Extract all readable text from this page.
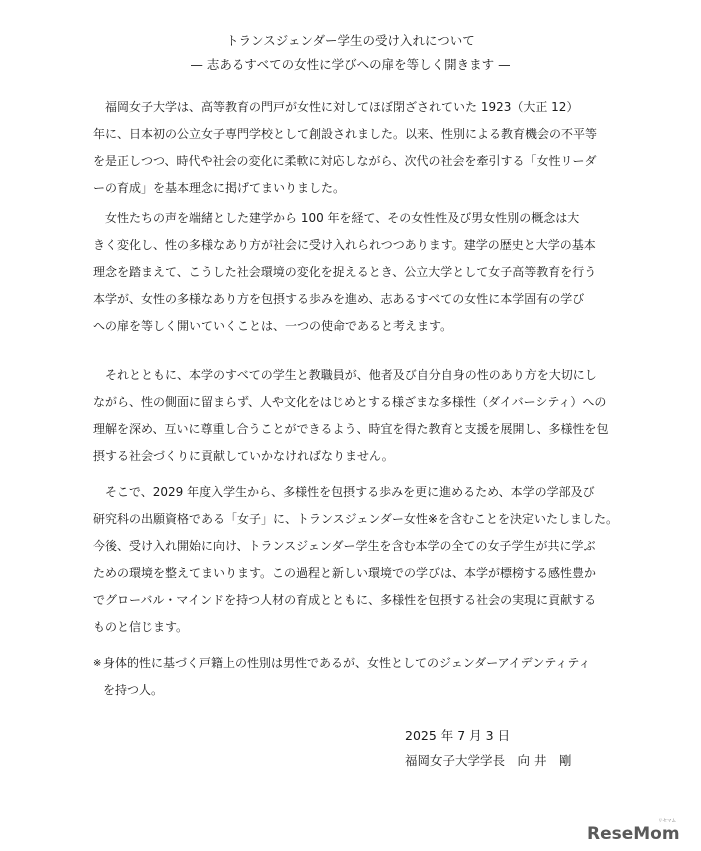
トランスジェンダー学生の受け入れについて
— 志あるすべての女性に学びへの扉を等しく開きます —
福岡女子大学は、高等教育の門戸が女性に対してほぼ閉ざされていた 1923（大正 12）
年に、日本初の公立女子専門学校として創設されました。以来、性別による教育機会の不平等
を是正しつつ、時代や社会の変化に柔軟に対応しながら、次代の社会を牽引する「女性リーダ
ーの育成」を基本理念に掲げてまいりました。
女性たちの声を端緒とした建学から 100 年を経て、その女性性及び男女性別の概念は大
きく変化し、性の多様なあり方が社会に受け入れられつつあります。建学の歴史と大学の基本
理念を踏まえて、こうした社会環境の変化を捉えるとき、公立大学として女子高等教育を行う
本学が、女性の多様なあり方を包摂する歩みを進め、志あるすべての女性に本学固有の学び
への扉を等しく開いていくことは、一つの使命であると考えます。
それとともに、本学のすべての学生と教職員が、他者及び自分自身の性のあり方を大切にし
ながら、性の側面に留まらず、人や文化をはじめとする様ざまな多様性（ダイバーシティ）への
理解を深め、互いに尊重し合うことができるよう、時宜を得た教育と支援を展開し、多様性を包
摂する社会づくりに貢献していかなければなりません。
そこで、2029 年度入学生から、多様性を包摂する歩みを更に進めるため、本学の学部及び
研究科の出願資格である「女子」に、トランスジェンダー女性※を含むことを決定いたしました。
今後、受け入れ開始に向け、トランスジェンダー学生を含む本学の全ての女子学生が共に学ぶ
ための環境を整えてまいります。この過程と新しい環境での学びは、本学が標榜する感性豊か
でグローバル・マインドを持つ人材の育成とともに、多様性を包摂する社会の実現に貢献する
ものと信じます。
※ 身体的性に基づく戸籍上の性別は男性であるが、女性としてのジェンダーアイデンティティ
を持つ人。
2025 年 7 月 3 日
福岡女子大学学長　向 井　剛
リセマム
ReseMom
